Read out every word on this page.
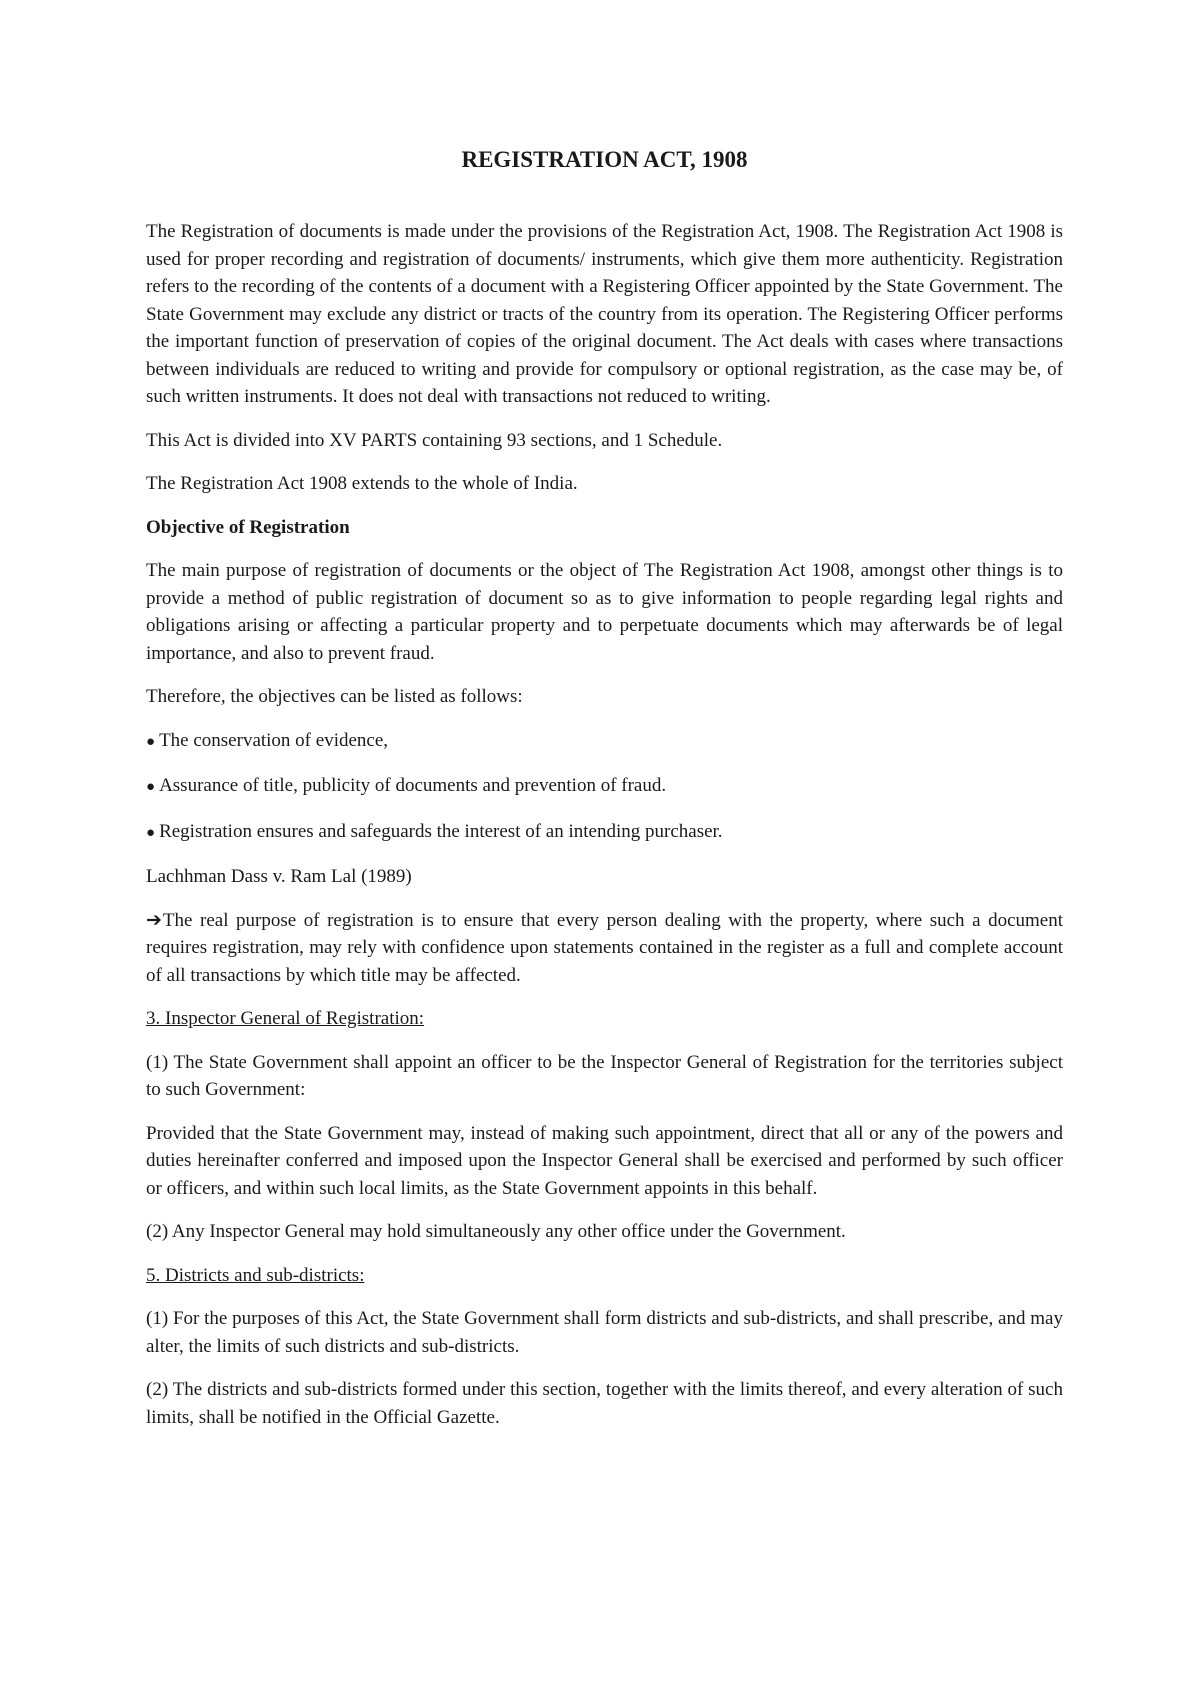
REGISTRATION ACT, 1908

The Registration of documents is made under the provisions of the Registration Act, 1908. The Registration Act 1908 is used for proper recording and registration of documents/ instruments, which give them more authenticity. Registration refers to the recording of the contents of a document with a Registering Officer appointed by the State Government. The State Government may exclude any district or tracts of the country from its operation. The Registering Officer performs the important function of preservation of copies of the original document. The Act deals with cases where transactions between individuals are reduced to writing and provide for compulsory or optional registration, as the case may be, of such written instruments. It does not deal with transactions not reduced to writing.

This Act is divided into XV PARTS containing 93 sections, and 1 Schedule.

The Registration Act 1908 extends to the whole of India.

Objective of Registration

The main purpose of registration of documents or the object of The Registration Act 1908, amongst other things is to provide a method of public registration of document so as to give information to people regarding legal rights and obligations arising or affecting a particular property and to perpetuate documents which may afterwards be of legal importance, and also to prevent fraud.

Therefore, the objectives can be listed as follows:

● The conservation of evidence,

● Assurance of title, publicity of documents and prevention of fraud.

● Registration ensures and safeguards the interest of an intending purchaser.

Lachhman Dass v. Ram Lal (1989)

➔The real purpose of registration is to ensure that every person dealing with the property, where such a document requires registration, may rely with confidence upon statements contained in the register as a full and complete account of all transactions by which title may be affected.

3. Inspector General of Registration:

(1) The State Government shall appoint an officer to be the Inspector General of Registration for the territories subject to such Government:

Provided that the State Government may, instead of making such appointment, direct that all or any of the powers and duties hereinafter conferred and imposed upon the Inspector General shall be exercised and performed by such officer or officers, and within such local limits, as the State Government appoints in this behalf.

(2) Any Inspector General may hold simultaneously any other office under the Government.

5. Districts and sub-districts:

(1) For the purposes of this Act, the State Government shall form districts and sub-districts, and shall prescribe, and may alter, the limits of such districts and sub-districts.

(2) The districts and sub-districts formed under this section, together with the limits thereof, and every alteration of such limits, shall be notified in the Official Gazette.
